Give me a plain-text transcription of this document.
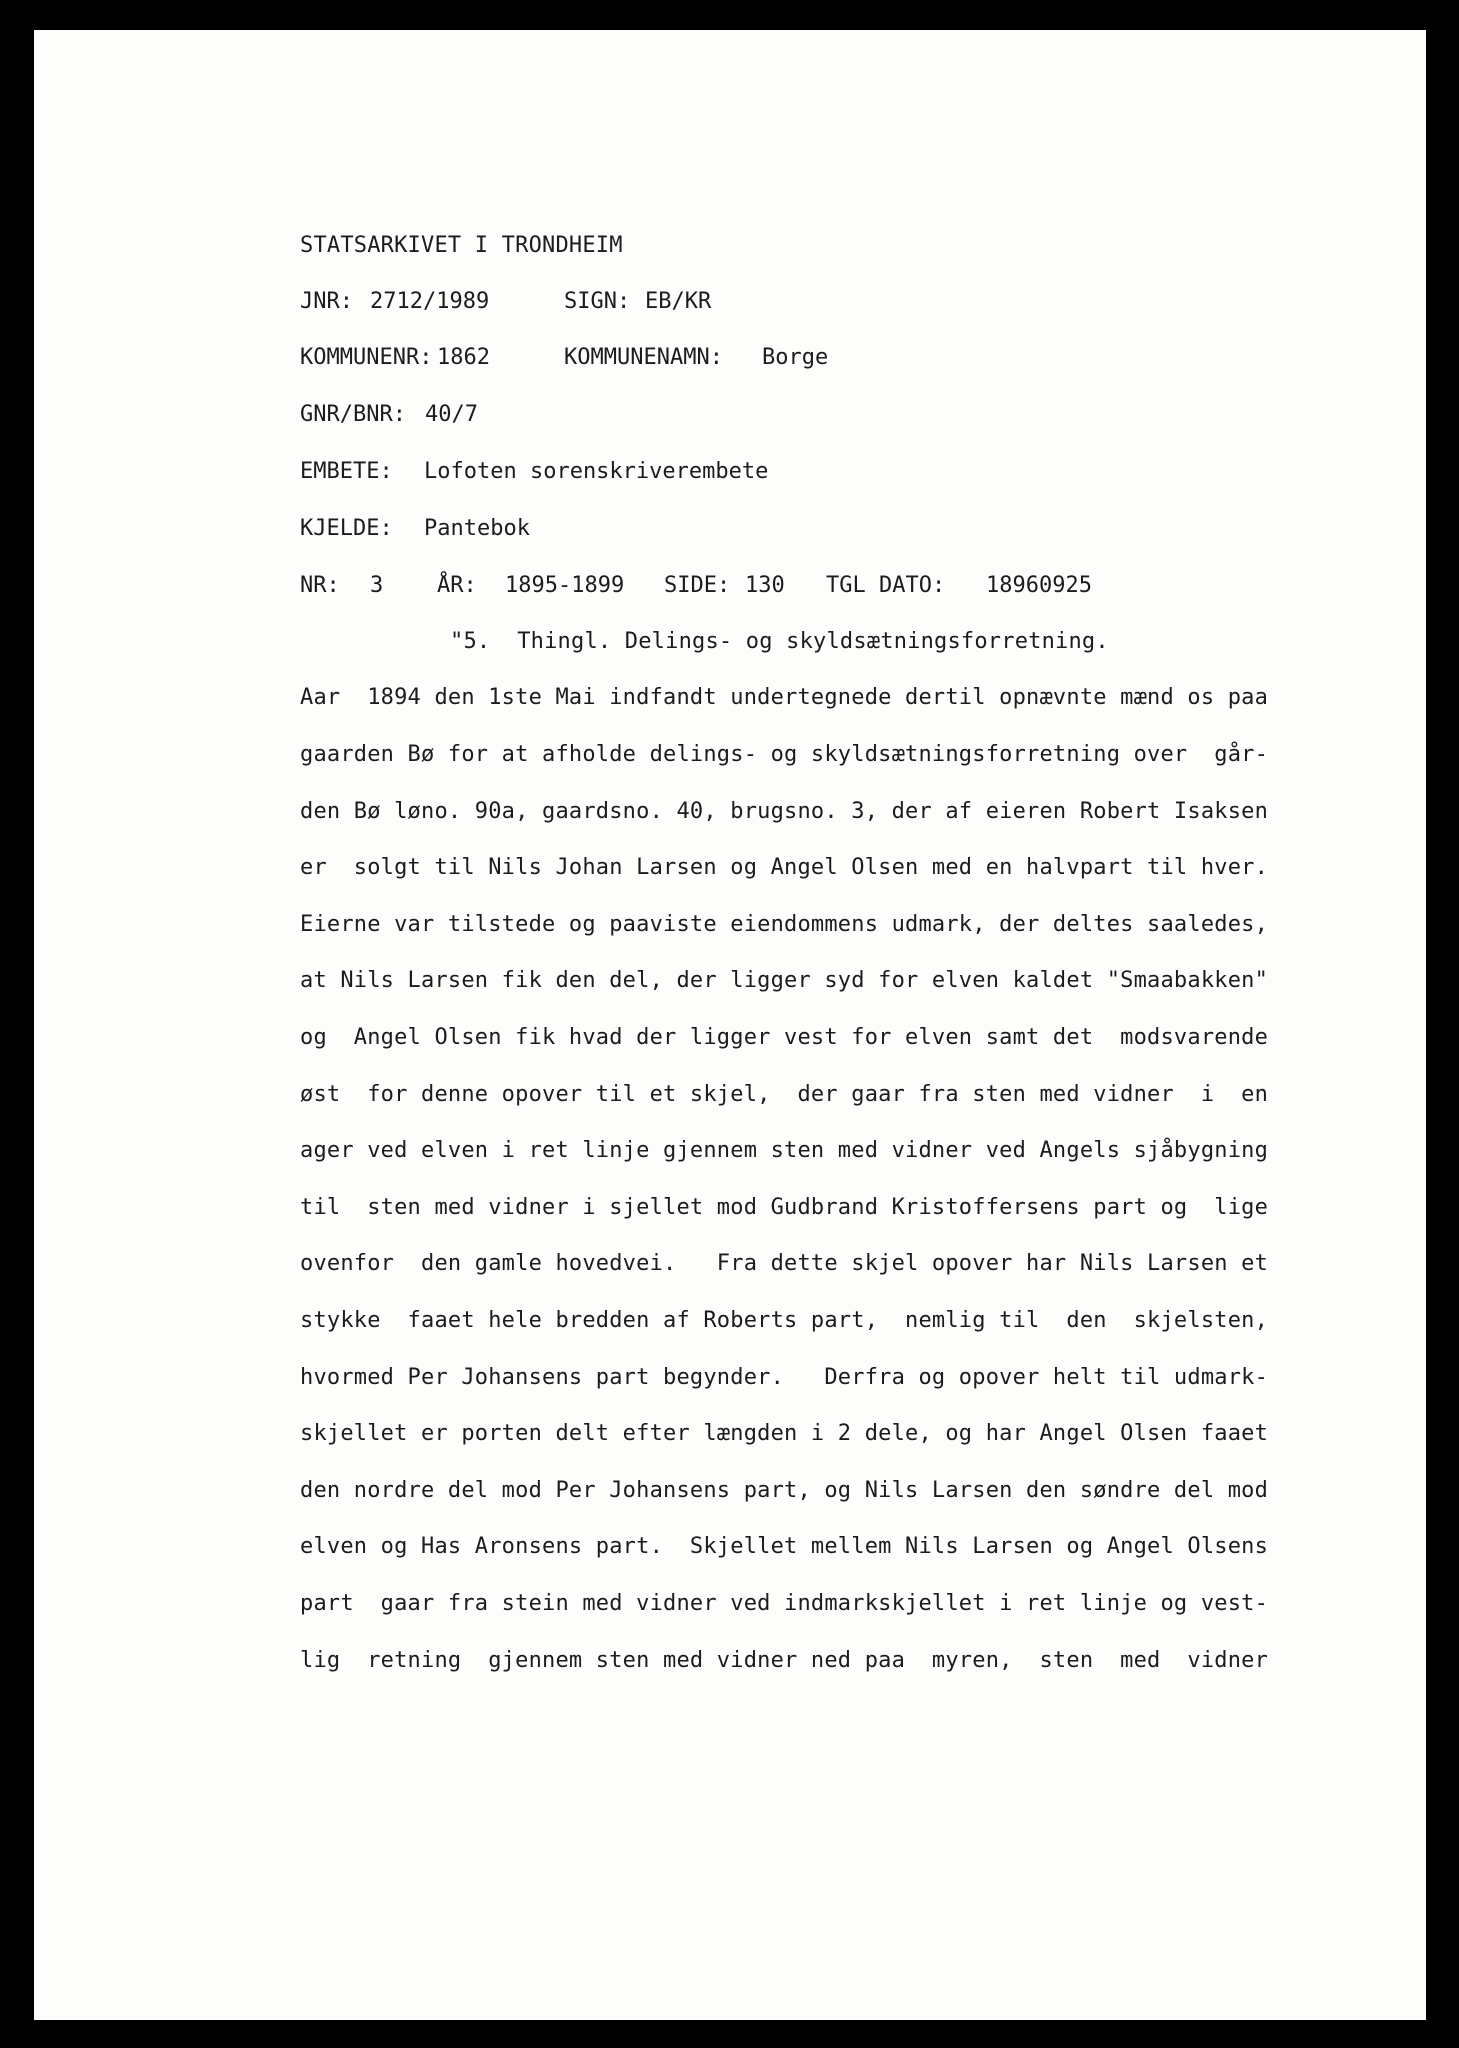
STATSARKIVET I TRONDHEIM
JNR: 2712/1989	SIGN: EB/KR
KOMMUNENR: 1862	KOMMUNENAMN: Borge
GNR/BNR: 40/7
EMBETE: Lofoten sorenskriverembete
KJELDE: Pantebok
NR: 3 ÅR: 1895-1899 SIDE: 130 TGL DATO: 18960925
"5.  Thingl. Delings- og skyldsætningsforretning.
Aar  1894 den 1ste Mai indfandt undertegnede dertil opnævnte mænd os paa
gaarden Bø for at afholde delings- og skyldsætningsforretning over  går-
den Bø løno. 90a, gaardsno. 40, brugsno. 3, der af eieren Robert Isaksen
er  solgt til Nils Johan Larsen og Angel Olsen med en halvpart til hver.
Eierne var tilstede og paaviste eiendommens udmark, der deltes saaledes,
at Nils Larsen fik den del, der ligger syd for elven kaldet "Smaabakken"
og  Angel Olsen fik hvad der ligger vest for elven samt det  modsvarende
øst  for denne opover til et skjel,  der gaar fra sten med vidner  i  en
ager ved elven i ret linje gjennem sten med vidner ved Angels sjåbygning
til  sten med vidner i sjellet mod Gudbrand Kristoffersens part og  lige
ovenfor  den gamle hovedvei.   Fra dette skjel opover har Nils Larsen et
stykke  faaet hele bredden af Roberts part,  nemlig til  den  skjelsten,
hvormed Per Johansens part begynder.   Derfra og opover helt til udmark-
skjellet er porten delt efter længden i 2 dele, og har Angel Olsen faaet
den nordre del mod Per Johansens part, og Nils Larsen den søndre del mod
elven og Has Aronsens part.  Skjellet mellem Nils Larsen og Angel Olsens
part  gaar fra stein med vidner ved indmarkskjellet i ret linje og vest-
lig  retning  gjennem sten med vidner ned paa  myren,  sten  med  vidner
